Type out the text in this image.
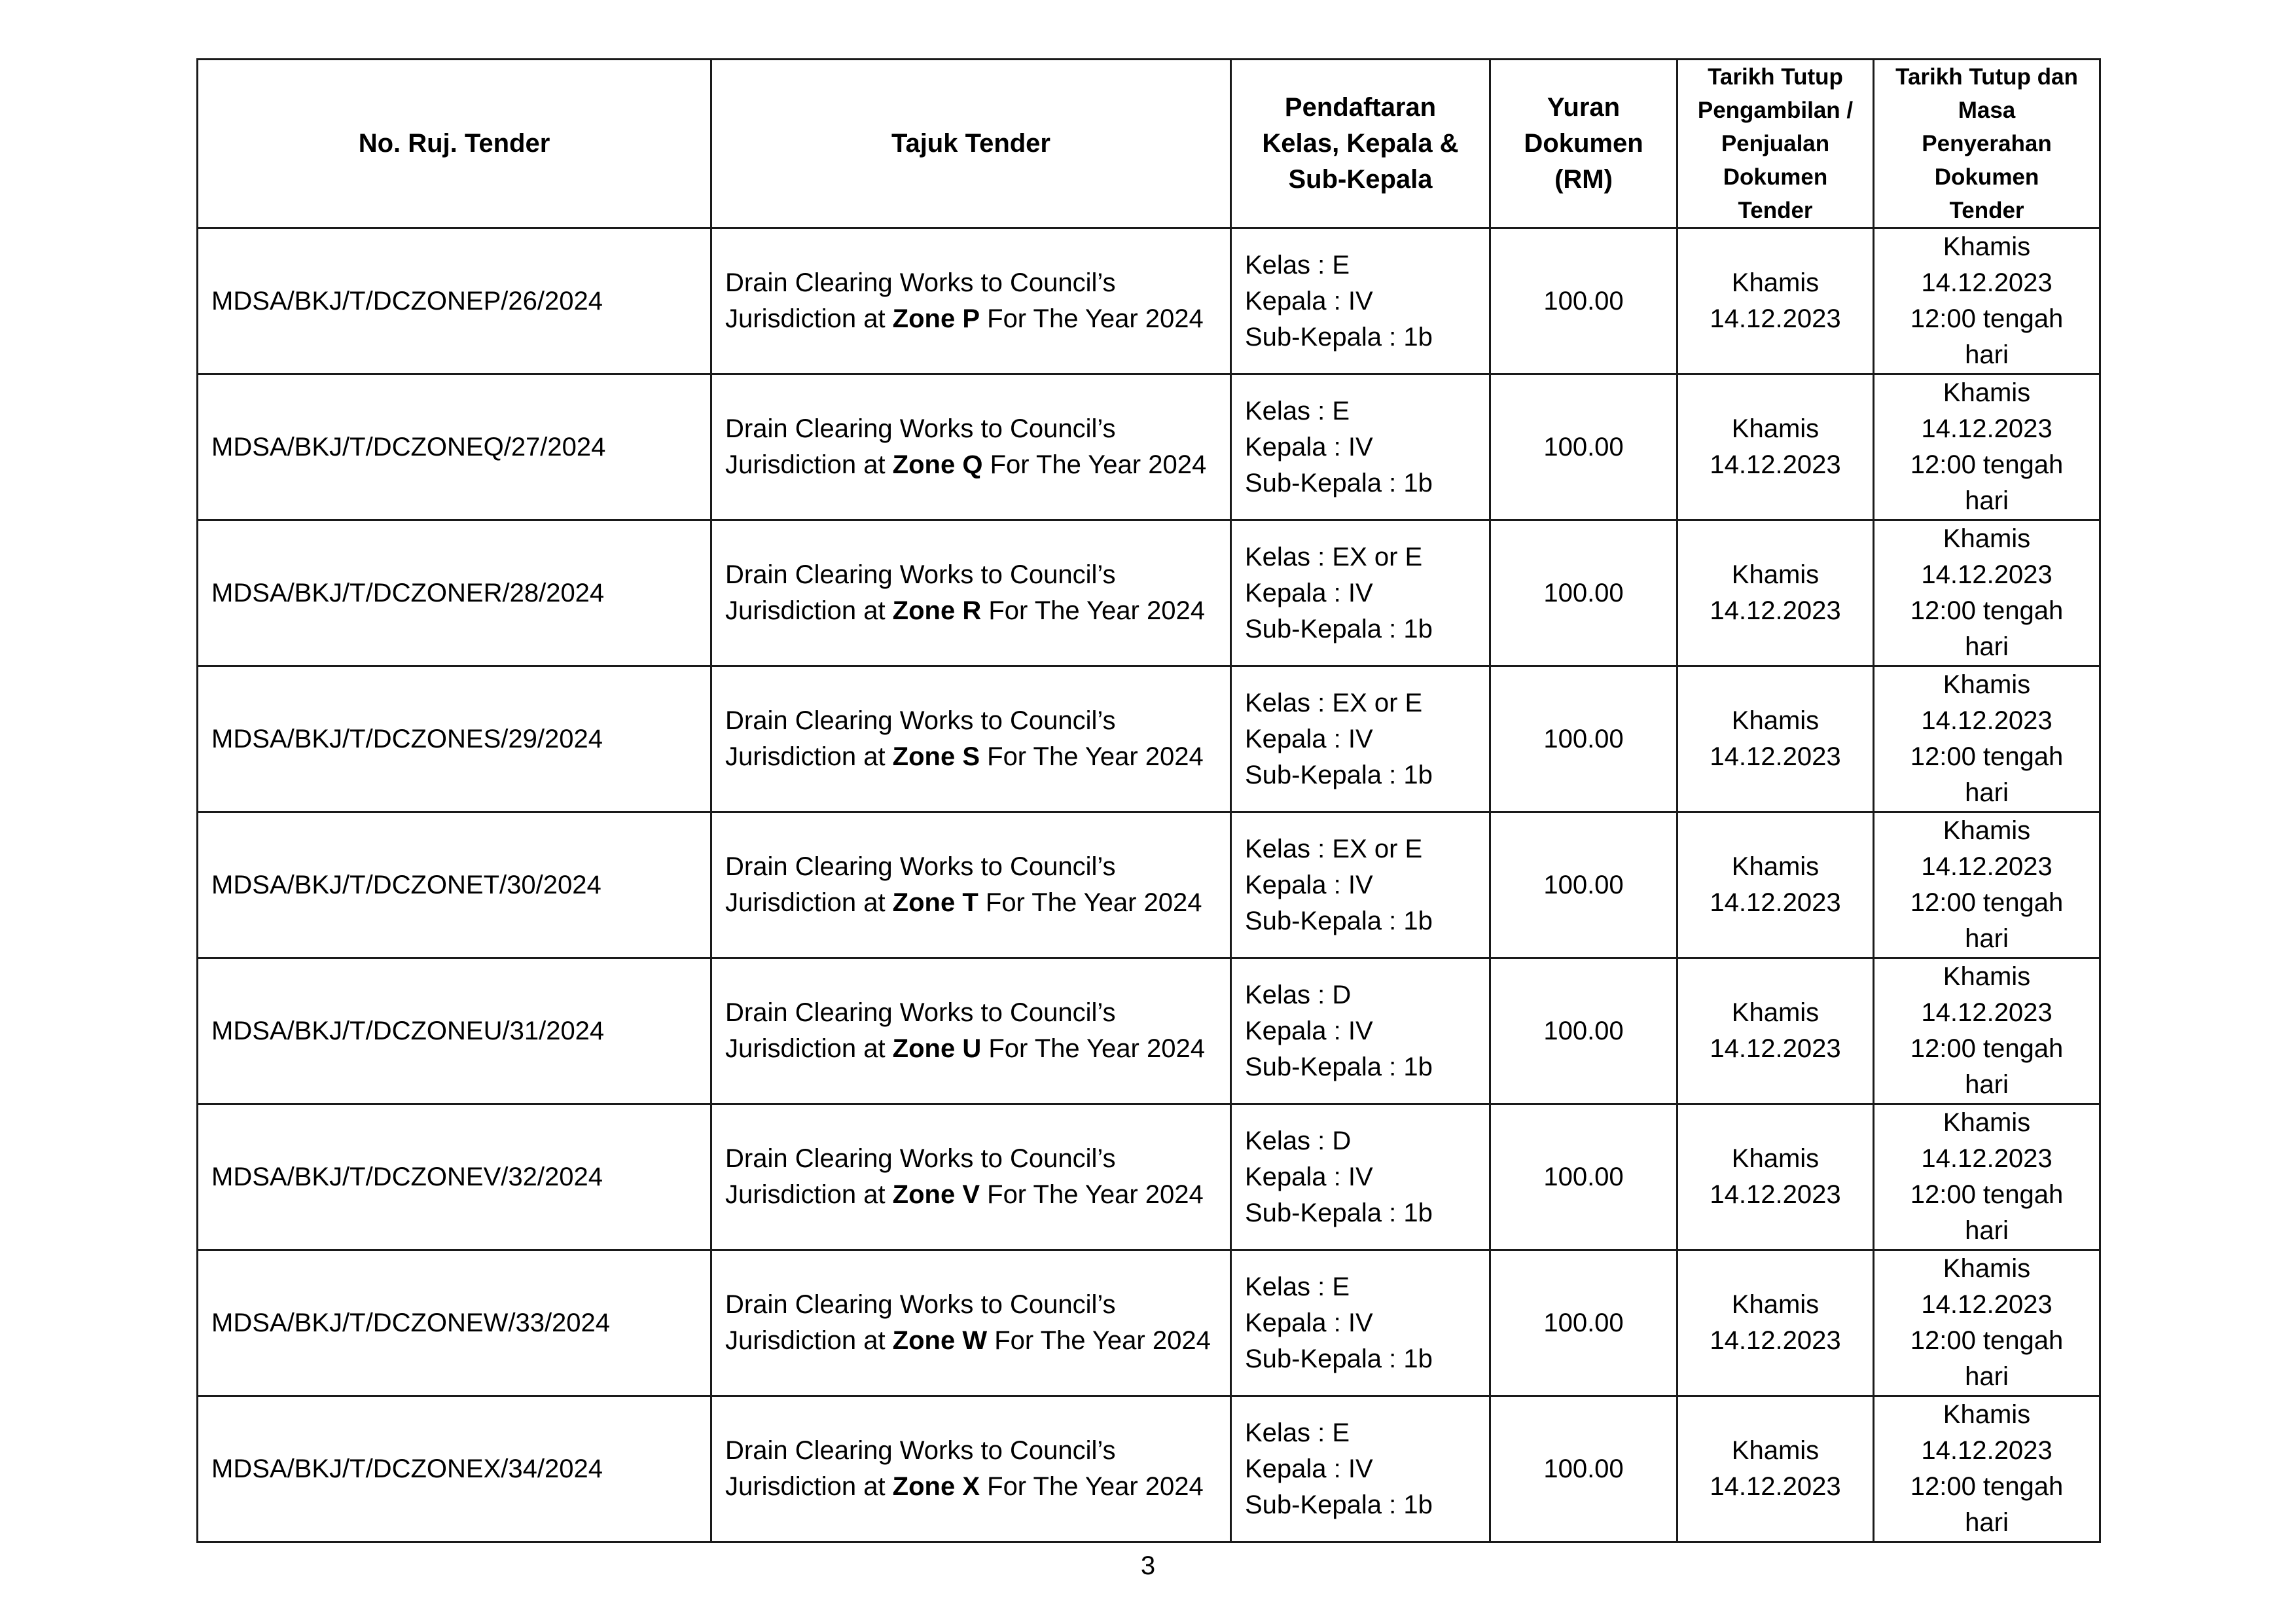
No. Ruj. Tender	Tajuk Tender	Pendaftaran
Kelas, Kepala &
Sub-Kepala	Yuran
Dokumen
(RM)	Tarikh Tutup
Pengambilan /
Penjualan
Dokumen
Tender	Tarikh Tutup dan
Masa
Penyerahan
Dokumen
Tender

MDSA/BKJ/T/DCZONEP/26/2024	Drain Clearing Works to Council’s Jurisdiction at Zone P For The Year 2024	Kelas : E
Kepala : IV
Sub-Kepala : 1b	100.00	Khamis
14.12.2023	Khamis
14.12.2023
12:00 tengah hari

MDSA/BKJ/T/DCZONEQ/27/2024	Drain Clearing Works to Council’s Jurisdiction at Zone Q For The Year 2024	Kelas : E
Kepala : IV
Sub-Kepala : 1b	100.00	Khamis
14.12.2023	Khamis
14.12.2023
12:00 tengah hari

MDSA/BKJ/T/DCZONER/28/2024	Drain Clearing Works to Council’s Jurisdiction at Zone R For The Year 2024	Kelas : EX or E
Kepala : IV
Sub-Kepala : 1b	100.00	Khamis
14.12.2023	Khamis
14.12.2023
12:00 tengah hari

MDSA/BKJ/T/DCZONES/29/2024	Drain Clearing Works to Council’s Jurisdiction at Zone S For The Year 2024	Kelas : EX or E
Kepala : IV
Sub-Kepala : 1b	100.00	Khamis
14.12.2023	Khamis
14.12.2023
12:00 tengah hari

MDSA/BKJ/T/DCZONET/30/2024	Drain Clearing Works to Council’s Jurisdiction at Zone T For The Year 2024	Kelas : EX or E
Kepala : IV
Sub-Kepala : 1b	100.00	Khamis
14.12.2023	Khamis
14.12.2023
12:00 tengah hari

MDSA/BKJ/T/DCZONEU/31/2024	Drain Clearing Works to Council’s Jurisdiction at Zone U For The Year 2024	Kelas : D
Kepala : IV
Sub-Kepala : 1b	100.00	Khamis
14.12.2023	Khamis
14.12.2023
12:00 tengah hari

MDSA/BKJ/T/DCZONEV/32/2024	Drain Clearing Works to Council’s Jurisdiction at Zone V For The Year 2024	Kelas : D
Kepala : IV
Sub-Kepala : 1b	100.00	Khamis
14.12.2023	Khamis
14.12.2023
12:00 tengah hari

MDSA/BKJ/T/DCZONEW/33/2024	Drain Clearing Works to Council’s Jurisdiction at Zone W For The Year 2024	Kelas : E
Kepala : IV
Sub-Kepala : 1b	100.00	Khamis
14.12.2023	Khamis
14.12.2023
12:00 tengah hari

MDSA/BKJ/T/DCZONEX/34/2024	Drain Clearing Works to Council’s Jurisdiction at Zone X For The Year 2024	Kelas : E
Kepala : IV
Sub-Kepala : 1b	100.00	Khamis
14.12.2023	Khamis
14.12.2023
12:00 tengah hari
3
